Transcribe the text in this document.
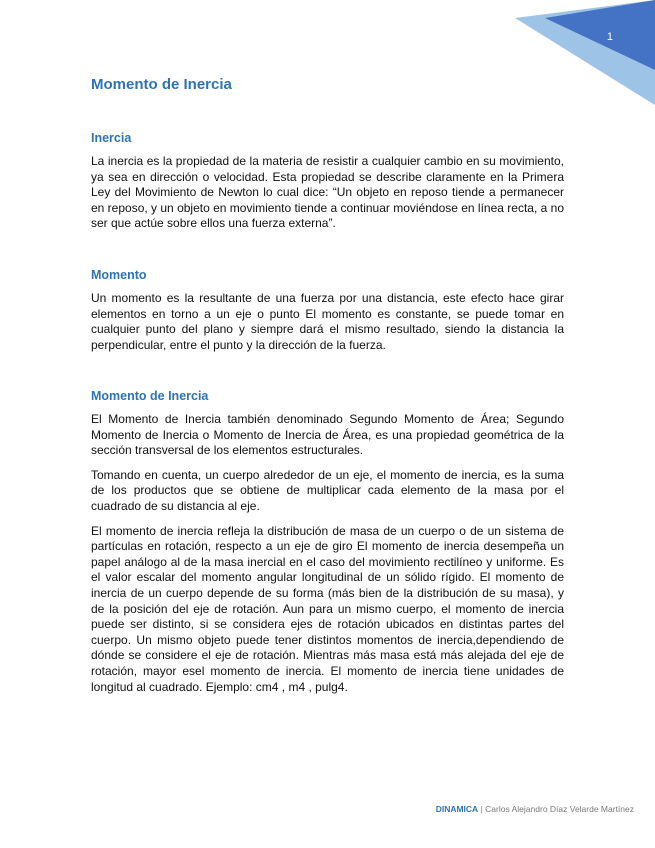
1
Momento de Inercia
Inercia

La inercia es la propiedad de la materia de resistir a cualquier cambio en su movimiento, ya sea en dirección o velocidad. Esta propiedad se describe claramente en la Primera Ley del Movimiento de Newton lo cual dice: “Un objeto en reposo tiende a permanecer en reposo, y un objeto en movimiento tiende a continuar moviéndose en línea recta, a no ser que actúe sobre ellos una fuerza externa”.

Momento

Un momento es la resultante de una fuerza por una distancia, este efecto hace girar elementos en torno a un eje o punto El momento es constante, se puede tomar en cualquier punto del plano y siempre dará el mismo resultado, siendo la distancia la perpendicular, entre el punto y la dirección de la fuerza.

Momento de Inercia

El Momento de Inercia también denominado Segundo Momento de Área; Segundo Momento de Inercia o Momento de Inercia de Área, es una propiedad geométrica de la sección transversal de los elementos estructurales.

Tomando en cuenta, un cuerpo alrededor de un eje, el momento de inercia, es la suma de los productos que se obtiene de multiplicar cada elemento de la masa por el cuadrado de su distancia al eje.

El momento de inercia refleja la distribución de masa de un cuerpo o de un sistema de partículas en rotación, respecto a un eje de giro El momento de inercia desempeña un papel análogo al de la masa inercial en el caso del movimiento rectilíneo y uniforme. Es el valor escalar del momento angular longitudinal de un sólido rígido. El momento de inercia de un cuerpo depende de su forma (más bien de la distribución de su masa), y de la posición del eje de rotación. Aun para un mismo cuerpo, el momento de inercia puede ser distinto, si se considera ejes de rotación ubicados en distintas partes del cuerpo. Un mismo objeto puede tener distintos momentos de inercia,dependiendo de dónde se considere el eje de rotación. Mientras más masa está más alejada del eje de rotación, mayor esel momento de inercia. El momento de inercia tiene unidades de longitud al cuadrado. Ejemplo: cm4 , m4 , pulg4.

DINAMICA | Carlos Alejandro Díaz Velarde Martínez
